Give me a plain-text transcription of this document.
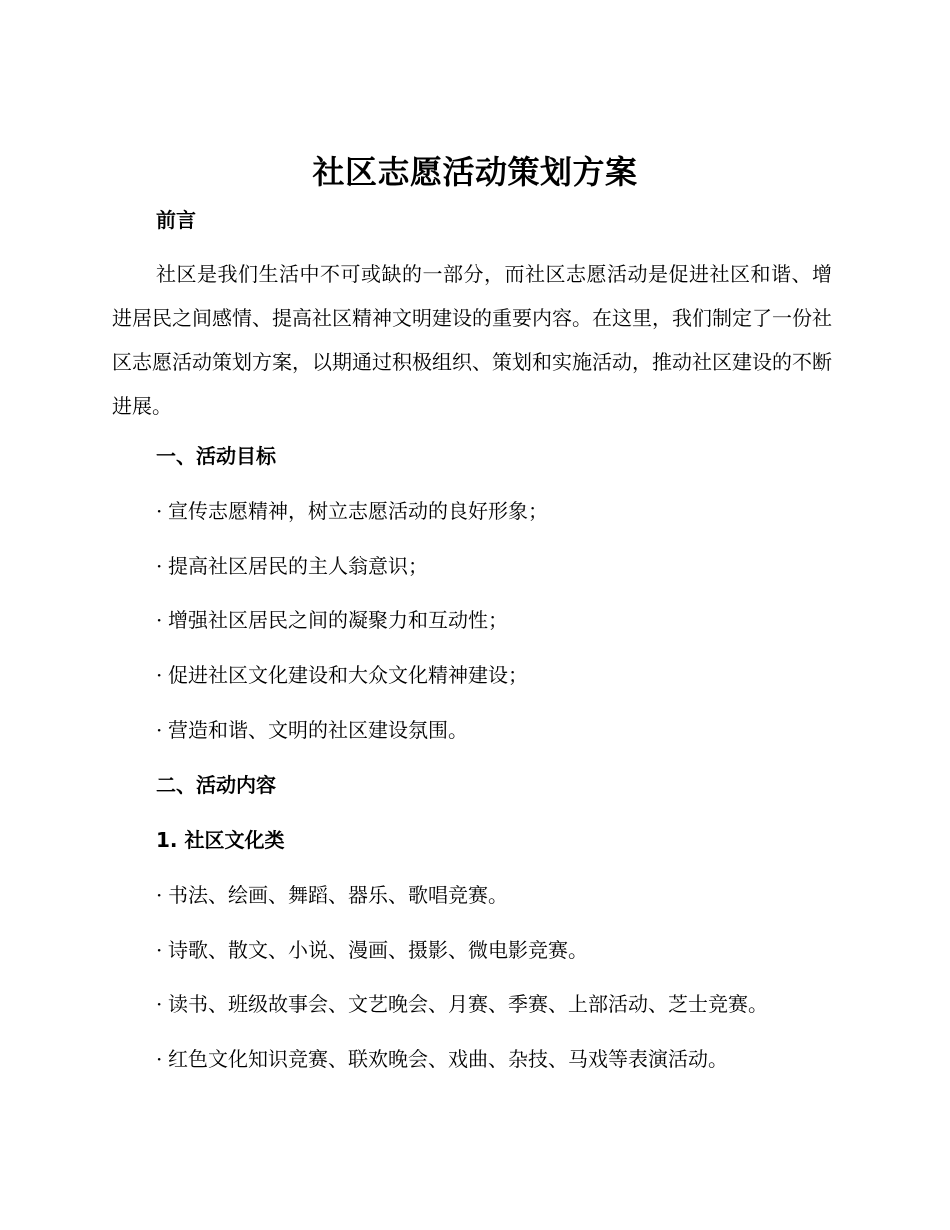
社区志愿活动策划方案
前言
社区是我们生活中不可或缺的一部分，而社区志愿活动是促进社区和谐、增进居民之间感情、提高社区精神文明建设的重要内容。在这里，我们制定了一份社区志愿活动策划方案，以期通过积极组织、策划和实施活动，推动社区建设的不断进展。
一、活动目标
· 宣传志愿精神，树立志愿活动的良好形象；
· 提高社区居民的主人翁意识；
· 增强社区居民之间的凝聚力和互动性；
· 促进社区文化建设和大众文化精神建设；
· 营造和谐、文明的社区建设氛围。
二、活动内容
1. 社区文化类
· 书法、绘画、舞蹈、器乐、歌唱竞赛。
· 诗歌、散文、小说、漫画、摄影、微电影竞赛。
· 读书、班级故事会、文艺晚会、月赛、季赛、上部活动、芝士竞赛。
· 红色文化知识竞赛、联欢晚会、戏曲、杂技、马戏等表演活动。
